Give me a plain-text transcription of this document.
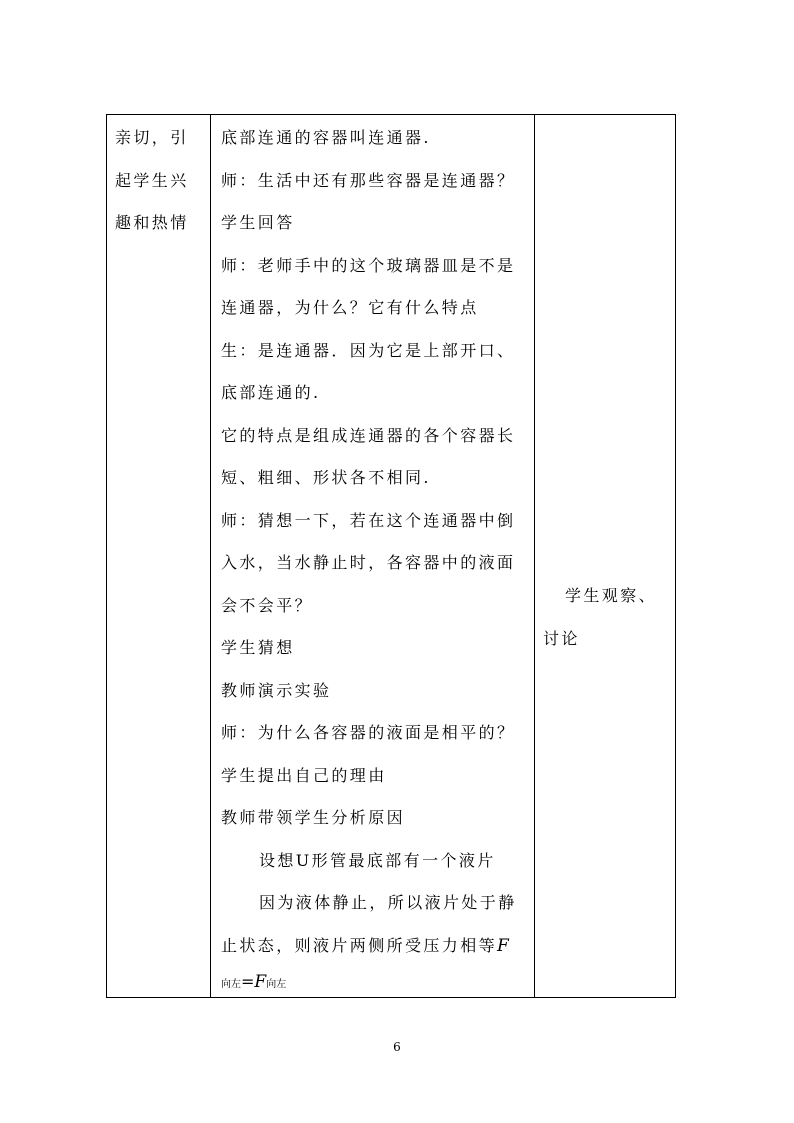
亲切，引
起学生兴
趣和热情

底部连通的容器叫连通器.
师：生活中还有那些容器是连通器？
学生回答
师：老师手中的这个玻璃器皿是不是
连通器，为什么？它有什么特点
生：是连通器．因为它是上部开口、
底部连通的.
它的特点是组成连通器的各个容器长
短、粗细、形状各不相同.
师：猜想一下，若在这个连通器中倒
入水，当水静止时，各容器中的液面
会不会平？
学生猜想
教师演示实验
师：为什么各容器的液面是相平的？
学生提出自己的理由
教师带领学生分析原因
设想U形管最底部有一个液片
因为液体静止，所以液片处于静
止状态，则液片两侧所受压力相等F
向左=F向左

学生观察、
讨论
6
